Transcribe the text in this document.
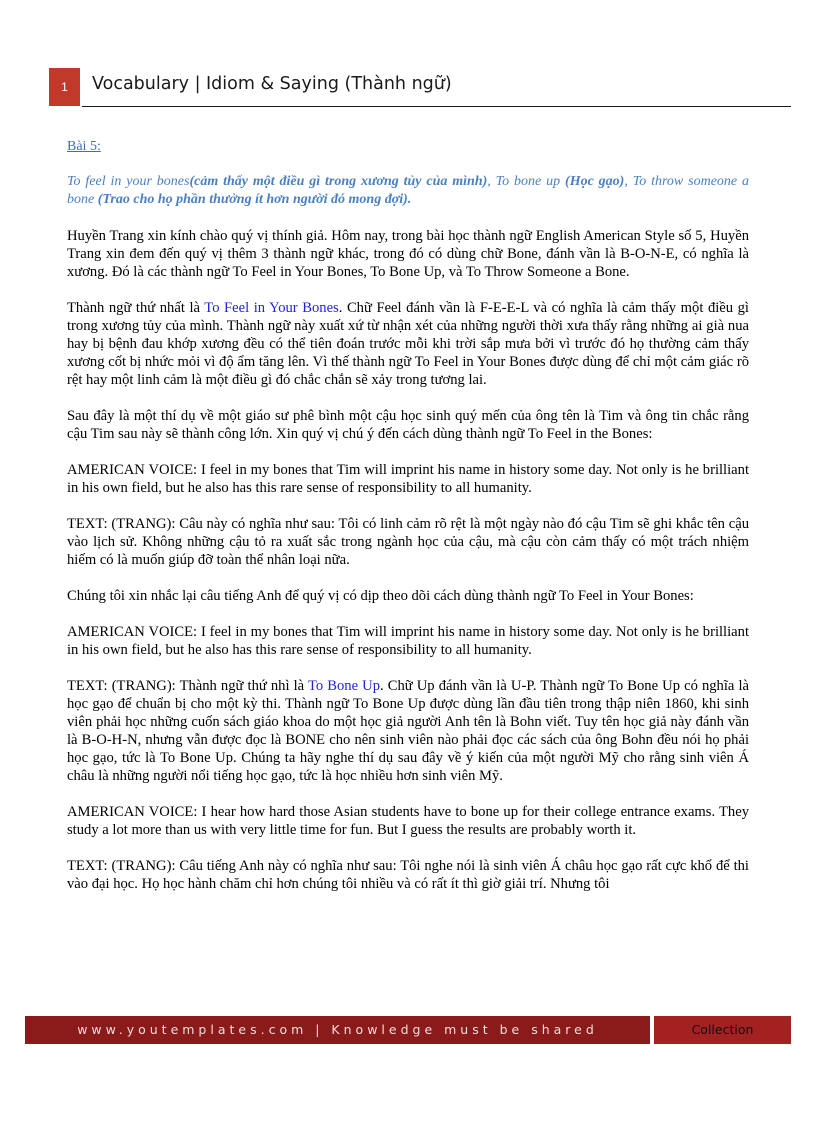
1 Vocabulary | Idiom & Saying (Thành ngữ)

Bài 5:

To feel in your bones(cảm thấy một điều gì trong xương tủy của mình), To bone up (Học gạo), To throw someone a bone (Trao cho họ phần thưởng ít hơn người đó mong đợi).

Huyền Trang xin kính chào quý vị thính giả. Hôm nay, trong bài học thành ngữ English American Style số 5, Huyền Trang xin đem đến quý vị thêm 3 thành ngữ khác, trong đó có dùng chữ Bone, đánh vần là B-O-N-E, có nghĩa là xương. Đó là các thành ngữ To Feel in Your Bones, To Bone Up, và To Throw Someone a Bone.

Thành ngữ thứ nhất là To Feel in Your Bones. Chữ Feel đánh vần là F-E-E-L và có nghĩa là cảm thấy một điều gì trong xương tủy của mình. Thành ngữ này xuất xứ từ nhận xét của những người thời xưa thấy rằng những ai già nua hay bị bệnh đau khớp xương đều có thể tiên đoán trước mỗi khi trời sắp mưa bởi vì trước đó họ thường cảm thấy xương cốt bị nhức mỏi vì độ ẩm tăng lên. Vì thế thành ngữ To Feel in Your Bones được dùng để chỉ một cảm giác rõ rệt hay một linh cảm là một điều gì đó chắc chắn sẽ xảy trong tương lai.

Sau đây là một thí dụ về một giáo sư phê bình một cậu học sinh quý mến của ông tên là Tim và ông tin chắc rằng cậu Tim sau này sẽ thành công lớn. Xin quý vị chú ý đến cách dùng thành ngữ To Feel in the Bones:

AMERICAN VOICE: I feel in my bones that Tim will imprint his name in history some day. Not only is he brilliant in his own field, but he also has this rare sense of responsibility to all humanity.

TEXT: (TRANG): Câu này có nghĩa như sau: Tôi có linh cảm rõ rệt là một ngày nào đó cậu Tim sẽ ghi khắc tên cậu vào lịch sử. Không những cậu tỏ ra xuất sắc trong ngành học của cậu, mà cậu còn cảm thấy có một trách nhiệm hiếm có là muốn giúp đỡ toàn thể nhân loại nữa.

Chúng tôi xin nhắc lại câu tiếng Anh để quý vị có dịp theo dõi cách dùng thành ngữ To Feel in Your Bones:

AMERICAN VOICE: I feel in my bones that Tim will imprint his name in history some day. Not only is he brilliant in his own field, but he also has this rare sense of responsibility to all humanity.

TEXT: (TRANG): Thành ngữ thứ nhì là To Bone Up. Chữ Up đánh vần là U-P. Thành ngữ To Bone Up có nghĩa là học gạo để chuẩn bị cho một kỳ thi. Thành ngữ To Bone Up được dùng lần đầu tiên trong thập niên 1860, khi sinh viên phải học những cuốn sách giáo khoa do một học giả người Anh tên là Bohn viết. Tuy tên học giả này đánh vần là B-O-H-N, nhưng vẫn được đọc là BONE cho nên sinh viên nào phải đọc các sách của ông Bohn đều nói họ phải học gạo, tức là To Bone Up. Chúng ta hãy nghe thí dụ sau đây về ý kiến của một người Mỹ cho rằng sinh viên Á châu là những người nổi tiếng học gạo, tức là học nhiều hơn sinh viên Mỹ.

AMERICAN VOICE: I hear how hard those Asian students have to bone up for their college entrance exams. They study a lot more than us with very little time for fun. But I guess the results are probably worth it.

TEXT: (TRANG): Câu tiếng Anh này có nghĩa như sau: Tôi nghe nói là sinh viên Á châu học gạo rất cực khổ để thi vào đại học. Họ học hành chăm chỉ hơn chúng tôi nhiều và có rất ít thì giờ giải trí. Nhưng tôi

www.youtemplates.com | Knowledge must be shared	Collection
